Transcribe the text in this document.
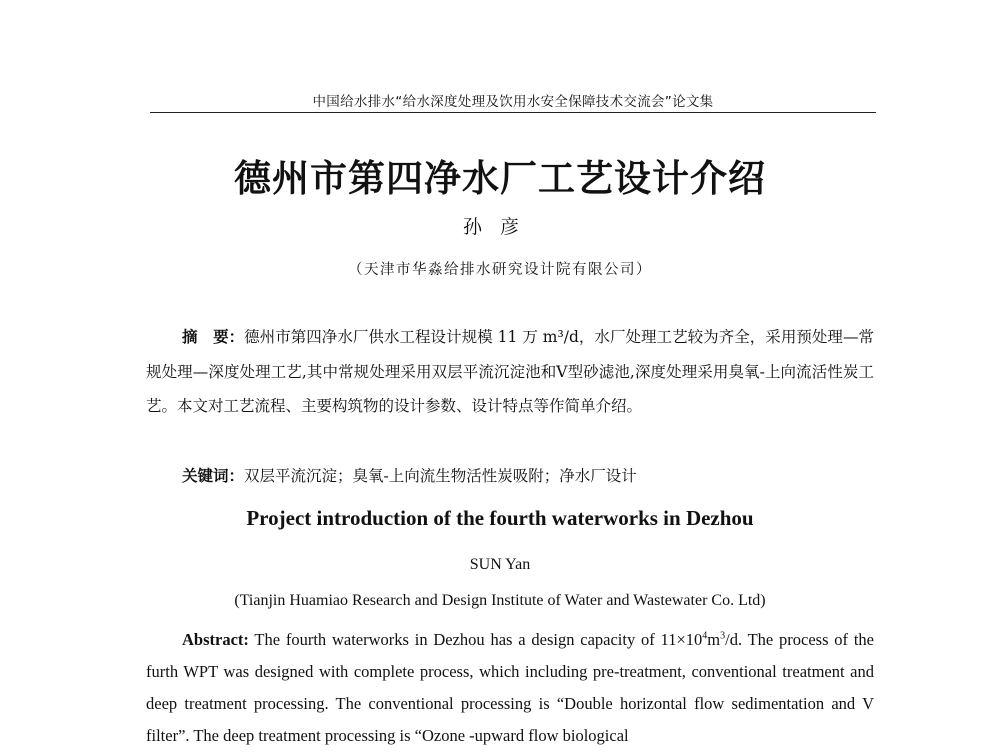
中国给水排水“给水深度处理及饮用水安全保障技术交流会”论文集
德州市第四净水厂工艺设计介绍
孙彦
（天津市华淼给排水研究设计院有限公司）

摘　要：德州市第四净水厂供水工程设计规模 11 万 m³/d，水厂处理工艺较为齐全，采用预处理—常规处理—深度处理工艺,其中常规处理采用双层平流沉淀池和V型砂滤池,深度处理采用臭氧-上向流活性炭工艺。本文对工艺流程、主要构筑物的设计参数、设计特点等作简单介绍。

关键词：双层平流沉淀；臭氧-上向流生物活性炭吸附；净水厂设计

Project introduction of the fourth waterworks in Dezhou
SUN Yan
(Tianjin Huamiao Research and Design Institute of Water and Wastewater Co. Ltd)

Abstract: The fourth waterworks in Dezhou has a design capacity of $11\times 10^4m^3/d$. The process of the furth WPT was designed with complete process, which including pre-treatment, conventional treatment and deep treatment processing. The conventional processing is “Double horizontal flow sedimentation and V filter”. The deep treatment processing is “Ozone -upward flow biological
